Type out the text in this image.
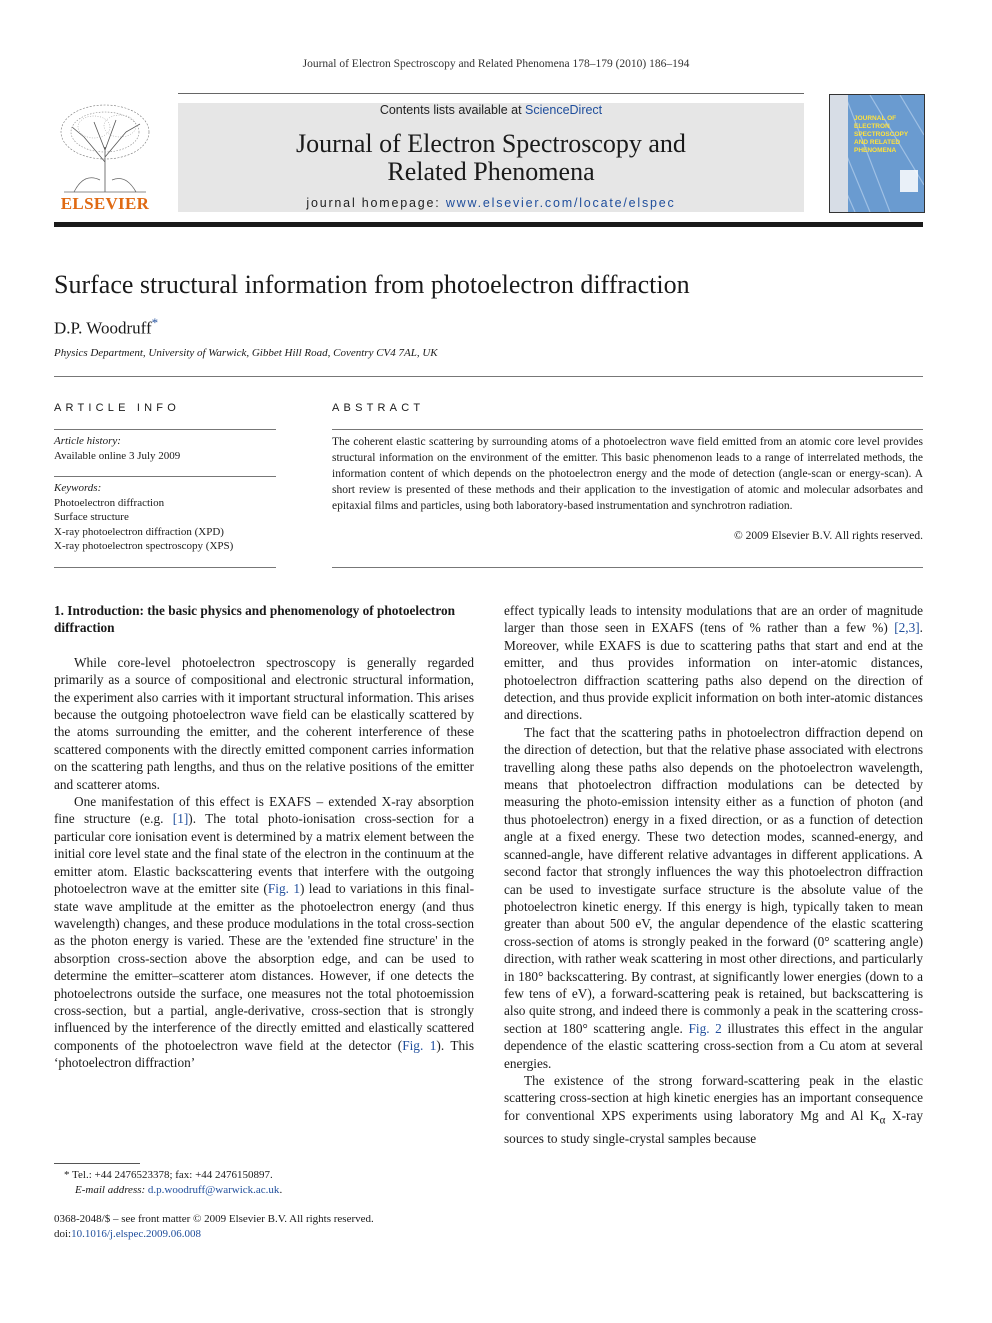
Journal of Electron Spectroscopy and Related Phenomena 178–179 (2010) 186–194
ELSEVIER
Contents lists available at ScienceDirect
Journal of Electron Spectroscopy and
Related Phenomena
journal homepage: www.elsevier.com/locate/elspec
JOURNAL OF ELECTRON SPECTROSCOPY AND RELATED PHENOMENA
Surface structural information from photoelectron diffraction
D.P. Woodruff*
Physics Department, University of Warwick, Gibbet Hill Road, Coventry CV4 7AL, UK
ARTICLE INFO
Article history:
Available online 3 July 2009
Keywords:
Photoelectron diffraction
Surface structure
X-ray photoelectron diffraction (XPD)
X-ray photoelectron spectroscopy (XPS)
ABSTRACT
The coherent elastic scattering by surrounding atoms of a photoelectron wave field emitted from an atomic core level provides structural information on the environment of the emitter. This basic phenomenon leads to a range of interrelated methods, the information content of which depends on the photoelectron energy and the mode of detection (angle-scan or energy-scan). A short review is presented of these methods and their application to the investigation of atomic and molecular adsorbates and epitaxial films and particles, using both laboratory-based instrumentation and synchrotron radiation.
© 2009 Elsevier B.V. All rights reserved.
1. Introduction: the basic physics and phenomenology of photoelectron diffraction

While core-level photoelectron spectroscopy is generally regarded primarily as a source of compositional and electronic structural information, the experiment also carries with it important structural information. This arises because the outgoing photoelectron wave field can be elastically scattered by the atoms surrounding the emitter, and the coherent interference of these scattered components with the directly emitted component carries information on the scattering path lengths, and thus on the relative positions of the emitter and scatterer atoms.

One manifestation of this effect is EXAFS – extended X-ray absorption fine structure (e.g. [1]). The total photo-ionisation cross-section for a particular core ionisation event is determined by a matrix element between the initial core level state and the final state of the electron in the continuum at the emitter atom. Elastic backscattering events that interfere with the outgoing photoelectron wave at the emitter site (Fig. 1) lead to variations in this final-state wave amplitude at the emitter as the photoelectron energy (and thus wavelength) changes, and these produce modulations in the total cross-section as the photon energy is varied. These are the 'extended fine structure' in the absorption cross-section above the absorption edge, and can be used to determine the emitter–scatterer atom distances. However, if one detects the photoelectrons outside the surface, one measures not the total photoemission cross-section, but a partial, angle-derivative, cross-section that is strongly influenced by the interference of the directly emitted and elastically scattered components of the photoelectron wave field at the detector (Fig. 1). This ‘photoelectron diffraction’

effect typically leads to intensity modulations that are an order of magnitude larger than those seen in EXAFS (tens of % rather than a few %) [2,3]. Moreover, while EXAFS is due to scattering paths that start and end at the emitter, and thus provides information on inter-atomic distances, photoelectron diffraction scattering paths also depend on the direction of detection, and thus provide explicit information on both inter-atomic distances and directions.

The fact that the scattering paths in photoelectron diffraction depend on the direction of detection, but that the relative phase associated with electrons travelling along these paths also depends on the photoelectron wavelength, means that photoelectron diffraction modulations can be detected by measuring the photo-emission intensity either as a function of photon (and thus photoelectron) energy in a fixed direction, or as a function of detection angle at a fixed energy. These two detection modes, scanned-energy, and scanned-angle, have different relative advantages in different applications. A second factor that strongly influences the way this photoelectron diffraction can be used to investigate surface structure is the absolute value of the photoelectron kinetic energy. If this energy is high, typically taken to mean greater than about 500 eV, the angular dependence of the elastic scattering cross-section of atoms is strongly peaked in the forward (0° scattering angle) direction, with rather weak scattering in most other directions, and particularly in 180° backscattering. By contrast, at significantly lower energies (down to a few tens of eV), a forward-scattering peak is retained, but backscattering is also quite strong, and indeed there is commonly a peak in the scattering cross-section at 180° scattering angle. Fig. 2 illustrates this effect in the angular dependence of the elastic scattering cross-section from a Cu atom at several energies.

The existence of the strong forward-scattering peak in the elastic scattering cross-section at high kinetic energies has an important consequence for conventional XPS experiments using laboratory Mg and Al $K_\alpha$ X-ray sources to study single-crystal samples because

* Tel.: +44 2476523378; fax: +44 2476150897.
E-mail address: d.p.woodruff@warwick.ac.uk.
0368-2048/$ – see front matter © 2009 Elsevier B.V. All rights reserved.
doi:10.1016/j.elspec.2009.06.008
